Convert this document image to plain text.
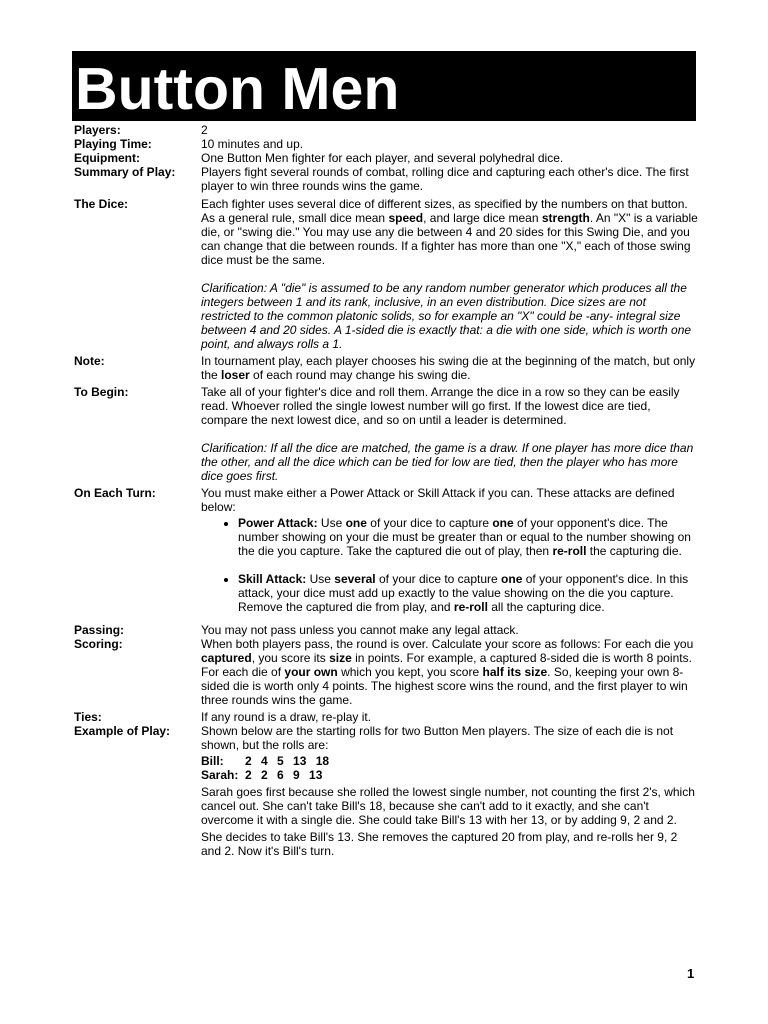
Button Men
Players:	2
Playing Time:	10 minutes and up.
Equipment:	One Button Men fighter for each player, and several polyhedral dice.
Summary of Play:	Players fight several rounds of combat, rolling dice and capturing each other's dice. The first player to win three rounds wins the game.
The Dice:	Each fighter uses several dice of different sizes, as specified by the numbers on that button. As a general rule, small dice mean speed, and large dice mean strength. An "X" is a variable die, or "swing die." You may use any die between 4 and 20 sides for this Swing Die, and you can change that die between rounds. If a fighter has more than one "X," each of those swing dice must be the same.

Clarification: A "die" is assumed to be any random number generator which produces all the integers between 1 and its rank, inclusive, in an even distribution. Dice sizes are not restricted to the common platonic solids, so for example an "X" could be -any- integral size between 4 and 20 sides. A 1-sided die is exactly that: a die with one side, which is worth one point, and always rolls a 1.

Note:	In tournament play, each player chooses his swing die at the beginning of the match, but only the loser of each round may change his swing die.
To Begin:	Take all of your fighter's dice and roll them. Arrange the dice in a row so they can be easily read. Whoever rolled the single lowest number will go first. If the lowest dice are tied, compare the next lowest dice, and so on until a leader is determined.

Clarification: If all the dice are matched, the game is a draw. If one player has more dice than the other, and all the dice which can be tied for low are tied, then the player who has more dice goes first.

On Each Turn:	You must make either a Power Attack or Skill Attack if you can. These attacks are defined below:

• Power Attack: Use one of your dice to capture one of your opponent's dice. The number showing on your die must be greater than or equal to the number showing on the die you capture. Take the captured die out of play, then re-roll the capturing die.
• Skill Attack: Use several of your dice to capture one of your opponent's dice. In this attack, your dice must add up exactly to the value showing on the die you capture. Remove the captured die from play, and re-roll all the capturing dice.
Passing:	You may not pass unless you cannot make any legal attack.
Scoring:	When both players pass, the round is over. Calculate your score as follows: For each die you captured, you score its size in points. For example, a captured 8-sided die is worth 8 points. For each die of your own which you kept, you score half its size. So, keeping your own 8-sided die is worth only 4 points. The highest score wins the round, and the first player to win three rounds wins the game.
Ties:	If any round is a draw, re-play it.
Example of Play:	Shown below are the starting rolls for two Button Men players. The size of each die is not shown, but the rolls are:

Bill: 2 4 5 13 18
Sarah: 2 2 6 9 13

Sarah goes first because she rolled the lowest single number, not counting the first 2's, which cancel out. She can't take Bill's 18, because she can't add to it exactly, and she can't overcome it with a single die. She could take Bill's 13 with her 13, or by adding 9, 2 and 2.

She decides to take Bill's 13. She removes the captured 20 from play, and re-rolls her 9, 2 and 2. Now it's Bill's turn.

1
